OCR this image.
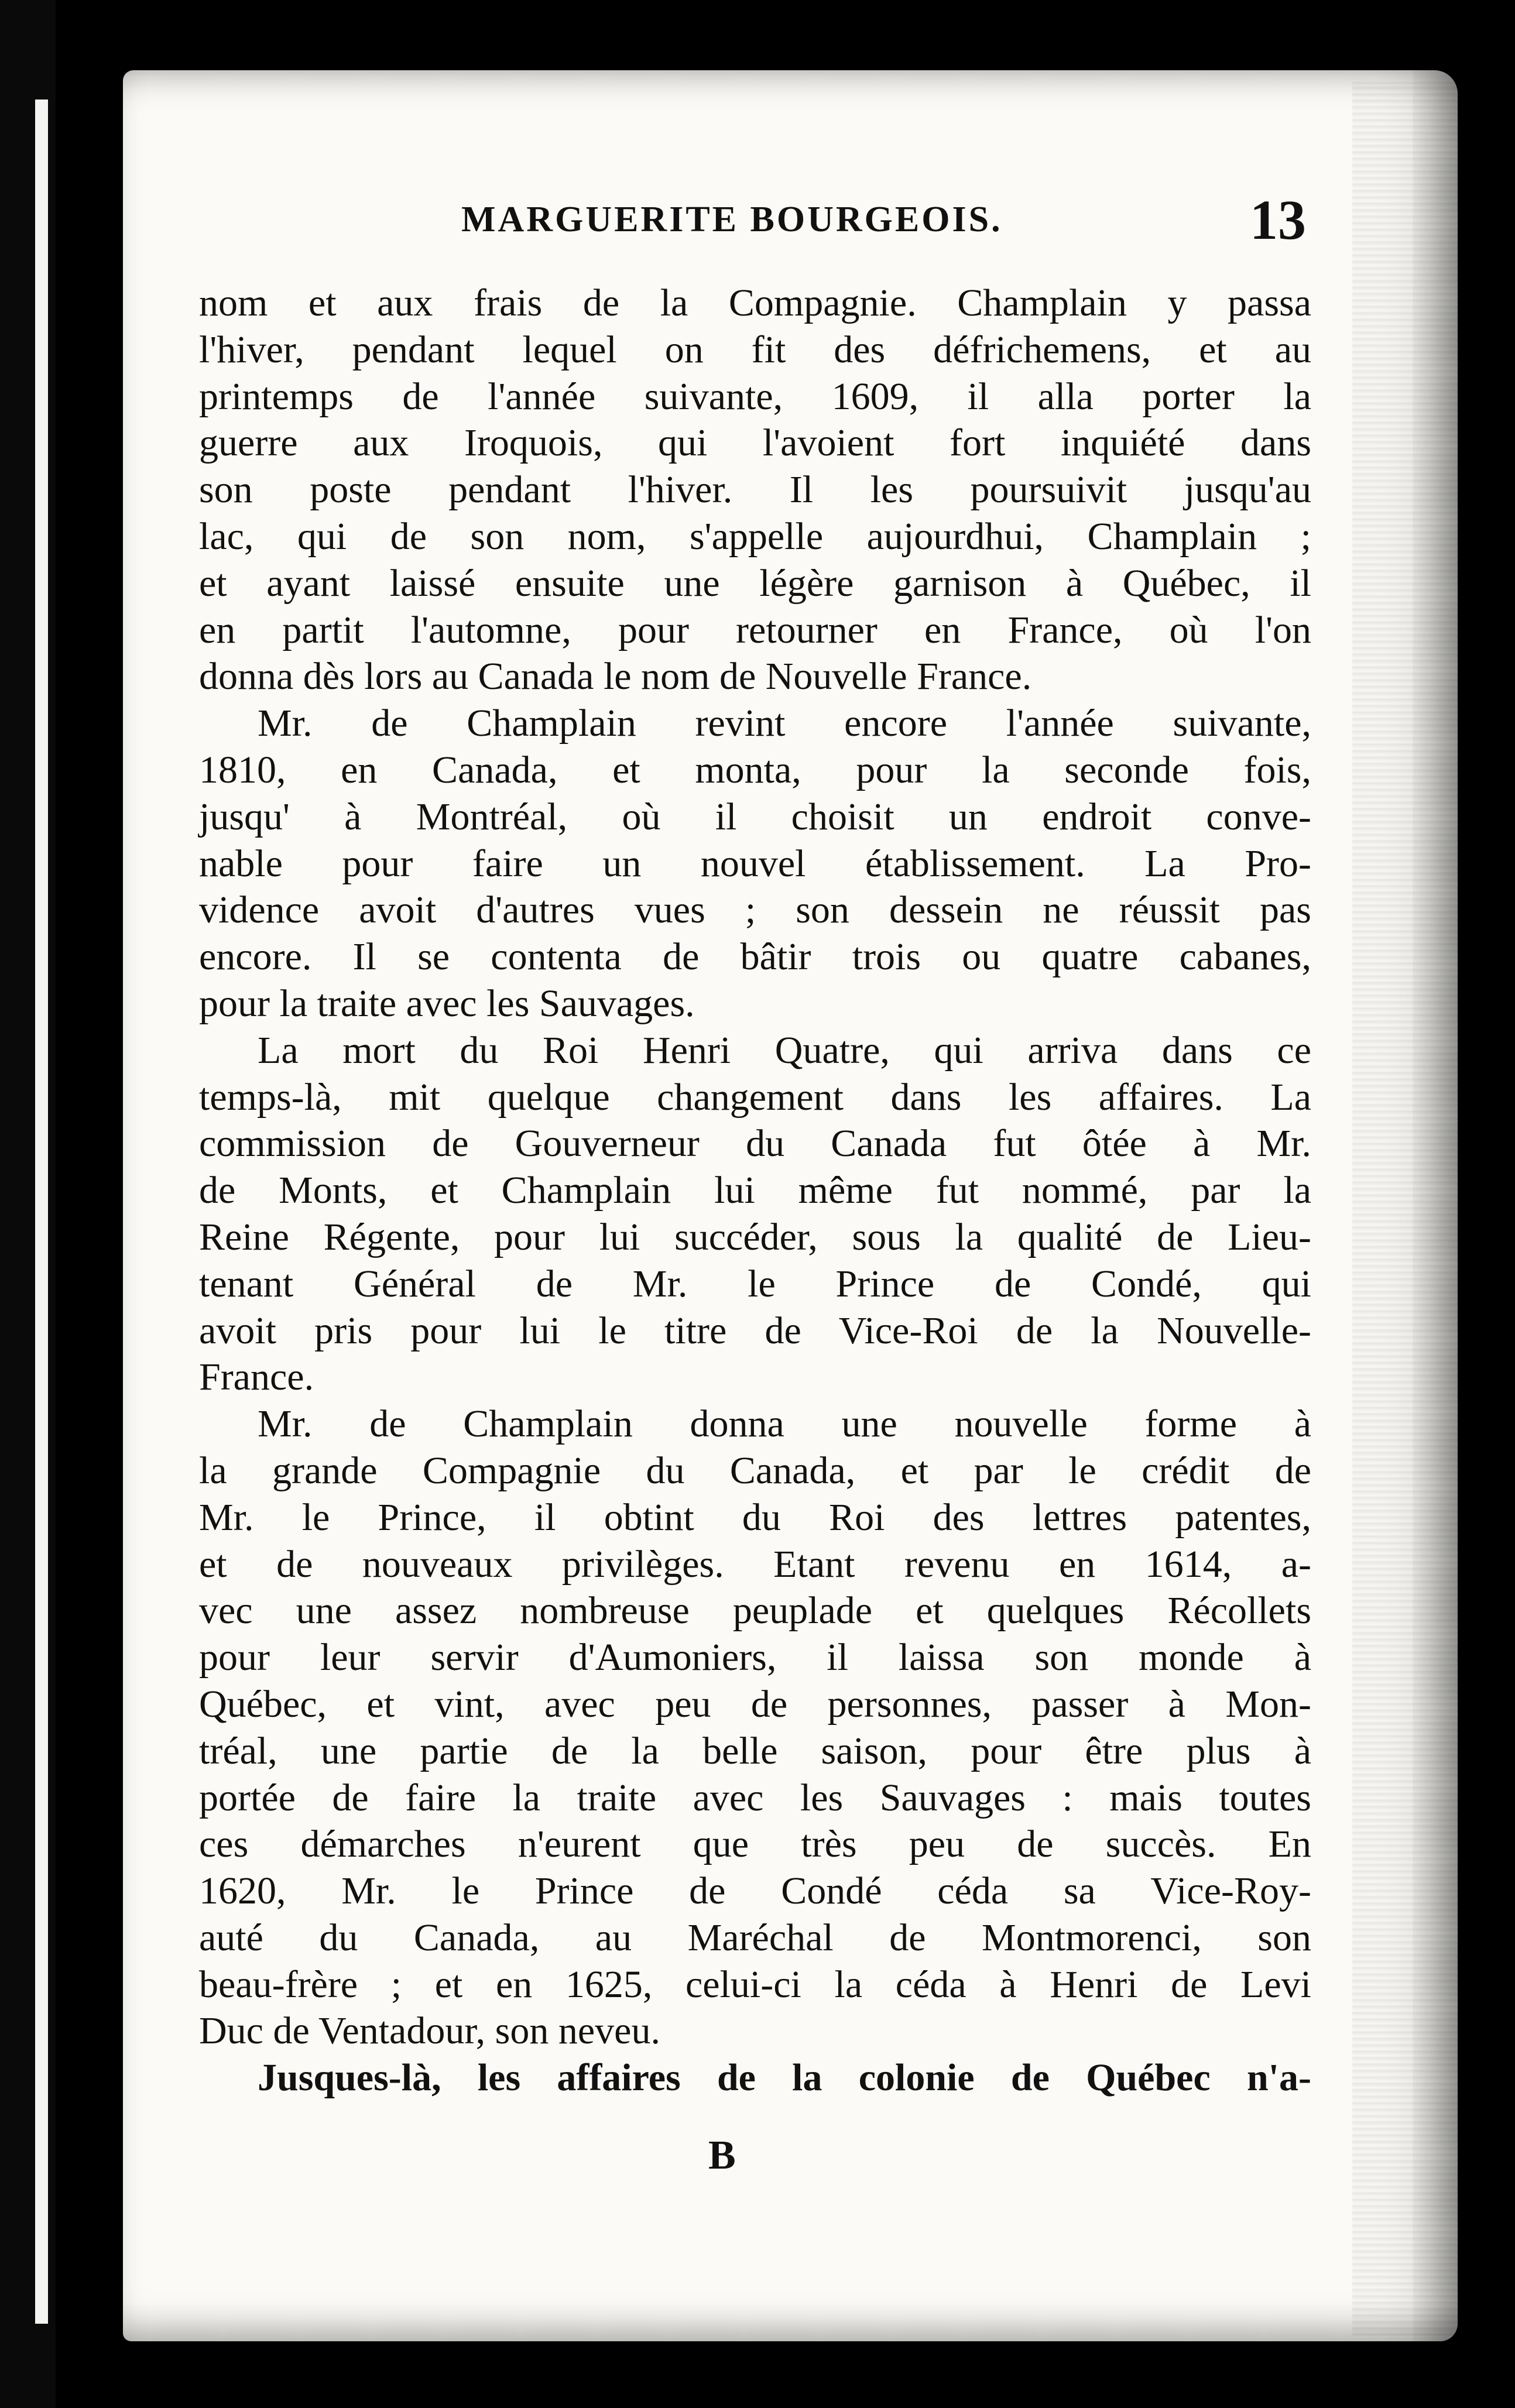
MARGUERITE BOURGEOIS.	13
nom et aux frais de la Compagnie. Champlain y passa
l'hiver, pendant lequel on fit des défrichemens, et au
printemps de l'année suivante, 1609, il alla porter la
guerre aux Iroquois, qui l'avoient fort inquiété dans
son poste pendant l'hiver. Il les poursuivit jusqu'au
lac, qui de son nom, s'appelle aujourdhui, Champlain ;
et ayant laissé ensuite une légère garnison à Québec, il
en partit l'automne, pour retourner en France, où l'on
donna dès lors au Canada le nom de Nouvelle France.
Mr. de Champlain revint encore l'année suivante,
1810, en Canada, et monta, pour la seconde fois,
jusqu' à Montréal, où il choisit un endroit conve-
nable pour faire un nouvel établissement. La Pro-
vidence avoit d'autres vues ; son dessein ne réussit pas
encore. Il se contenta de bâtir trois ou quatre cabanes,
pour la traite avec les Sauvages.
La mort du Roi Henri Quatre, qui arriva dans ce
temps-là, mit quelque changement dans les affaires. La
commission de Gouverneur du Canada fut ôtée à Mr.
de Monts, et Champlain lui même fut nommé, par la
Reine Régente, pour lui succéder, sous la qualité de Lieu-
tenant Général de Mr. le Prince de Condé, qui
avoit pris pour lui le titre de Vice-Roi de la Nouvelle-
France.
Mr. de Champlain donna une nouvelle forme à
la grande Compagnie du Canada, et par le crédit de
Mr. le Prince, il obtint du Roi des lettres patentes,
et de nouveaux privilèges. Etant revenu en 1614, a-
vec une assez nombreuse peuplade et quelques Récollets
pour leur servir d'Aumoniers, il laissa son monde à
Québec, et vint, avec peu de personnes, passer à Mon-
tréal, une partie de la belle saison, pour être plus à
portée de faire la traite avec les Sauvages : mais toutes
ces démarches n'eurent que très peu de succès. En
1620, Mr. le Prince de Condé céda sa Vice-Roy-
auté du Canada, au Maréchal de Montmorenci, son
beau-frère ; et en 1625, celui-ci la céda à Henri de Levi
Duc de Ventadour, son neveu.
Jusques-là, les affaires de la colonie de Québec n'a-
B
